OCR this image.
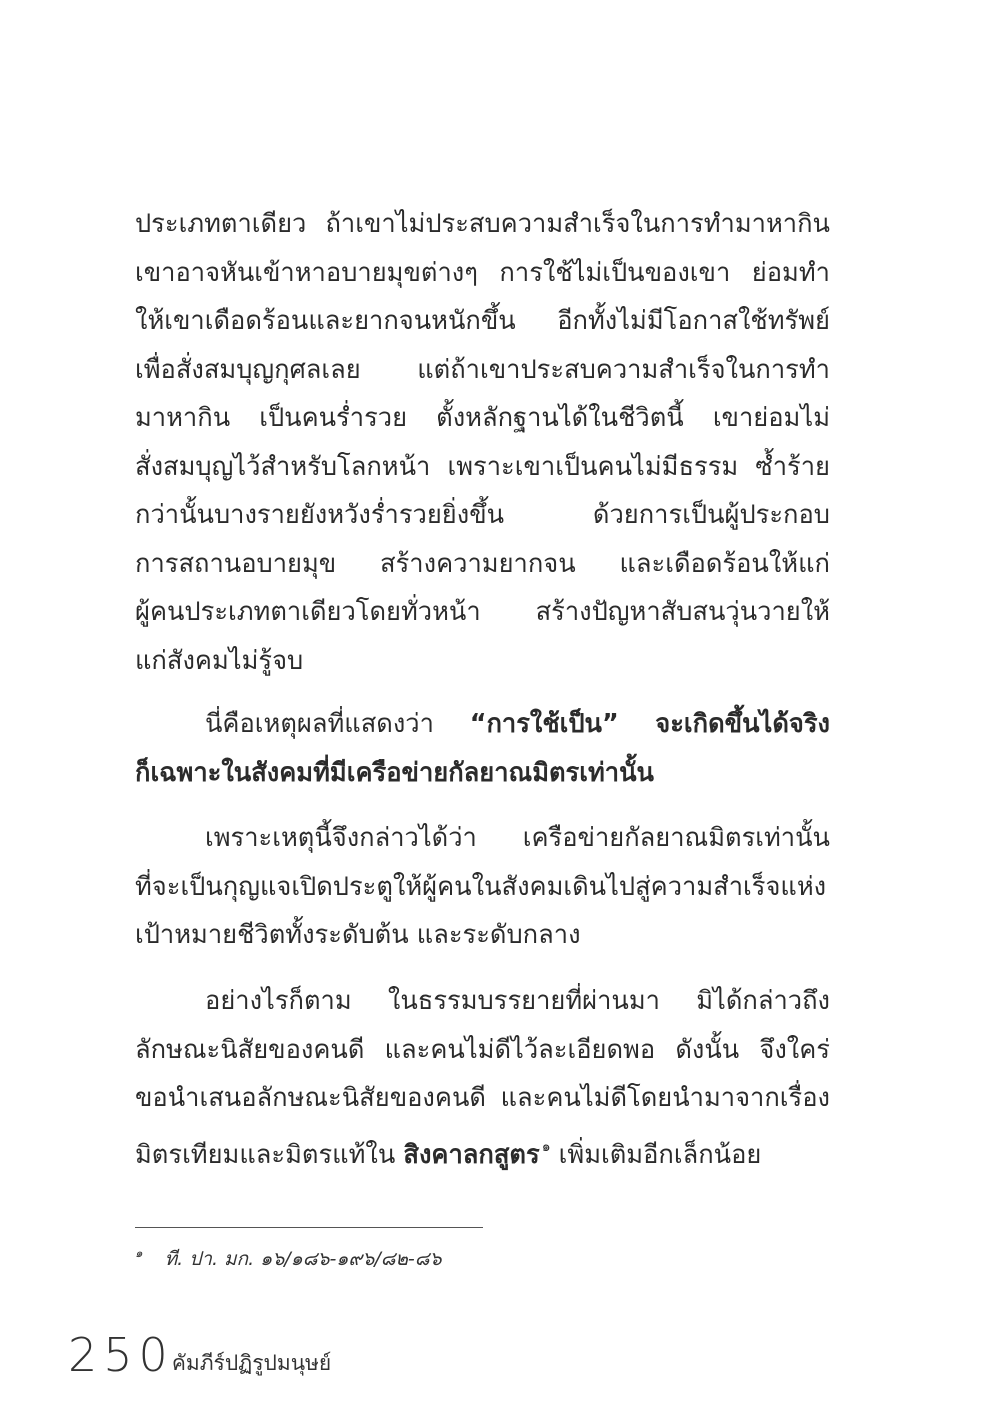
ประเภทตาเดียว ถ้าเขาไม่ประสบความสำเร็จในการทำมาหากิน
เขาอาจหันเข้าหาอบายมุขต่างๆ การใช้ไม่เป็นของเขา ย่อมทำ
ให้เขาเดือดร้อนและยากจนหนักขึ้น อีกทั้งไม่มีโอกาสใช้ทรัพย์
เพื่อสั่งสมบุญกุศลเลย แต่ถ้าเขาประสบความสำเร็จในการทำ
มาหากิน เป็นคนร่ำรวย ตั้งหลักฐานได้ในชีวิตนี้ เขาย่อมไม่
สั่งสมบุญไว้สำหรับโลกหน้า เพราะเขาเป็นคนไม่มีธรรม ซ้ำร้าย
กว่านั้นบางรายยังหวังร่ำรวยยิ่งขึ้น ด้วยการเป็นผู้ประกอบ
การสถานอบายมุข สร้างความยากจน และเดือดร้อนให้แก่
ผู้คนประเภทตาเดียวโดยทั่วหน้า สร้างปัญหาสับสนวุ่นวายให้
แก่สังคมไม่รู้จบ
นี่คือเหตุผลที่แสดงว่า “การใช้เป็น” จะเกิดขึ้นได้จริง
ก็เฉพาะในสังคมที่มีเครือข่ายกัลยาณมิตรเท่านั้น
เพราะเหตุนี้จึงกล่าวได้ว่า เครือข่ายกัลยาณมิตรเท่านั้น
ที่จะเป็นกุญแจเปิดประตูให้ผู้คนในสังคมเดินไปสู่ความสำเร็จแห่ง
เป้าหมายชีวิตทั้งระดับต้น และระดับกลาง
อย่างไรก็ตาม ในธรรมบรรยายที่ผ่านมา มิได้กล่าวถึง
ลักษณะนิสัยของคนดี และคนไม่ดีไว้ละเอียดพอ ดังนั้น จึงใคร่
ขอนำเสนอลักษณะนิสัยของคนดี และคนไม่ดีโดยนำมาจากเรื่อง
มิตรเทียมและมิตรแท้ใน สิงคาลกสูตร $^๑$ เพิ่มเติมอีกเล็กน้อย
$^๑$ ที. ปา. มก. ๑๖/๑๘๖-๑๙๖/๘๒-๘๖
250
คัมภีร์ปฏิรูปมนุษย์
